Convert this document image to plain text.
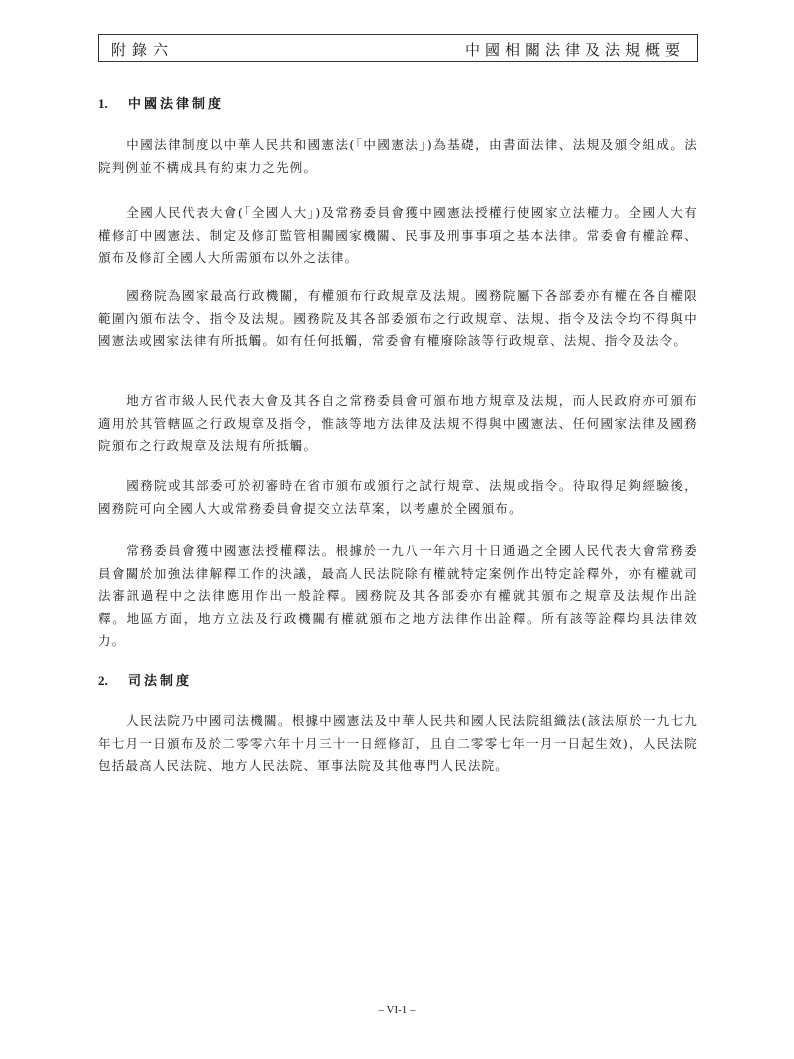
附錄六	中國相關法律及法規概要
1. 中國法律制度

中國法律制度以中華人民共和國憲法(「中國憲法」)為基礎，由書面法律、法規及頒令組成。法院判例並不構成具有約束力之先例。

全國人民代表大會(「全國人大」)及常務委員會獲中國憲法授權行使國家立法權力。全國人大有權修訂中國憲法、制定及修訂監管相關國家機關、民事及刑事事項之基本法律。常委會有權詮釋、頒布及修訂全國人大所需頒布以外之法律。

國務院為國家最高行政機關，有權頒布行政規章及法規。國務院屬下各部委亦有權在各自權限範圍內頒布法令、指令及法規。國務院及其各部委頒布之行政規章、法規、指令及法令均不得與中國憲法或國家法律有所抵觸。如有任何抵觸，常委會有權廢除該等行政規章、法規、指令及法令。

地方省市級人民代表大會及其各自之常務委員會可頒布地方規章及法規，而人民政府亦可頒布適用於其管轄區之行政規章及指令，惟該等地方法律及法規不得與中國憲法、任何國家法律及國務院頒布之行政規章及法規有所抵觸。

國務院或其部委可於初審時在省市頒布或頒行之試行規章、法規或指令。待取得足夠經驗後，國務院可向全國人大或常務委員會提交立法草案，以考慮於全國頒布。

常務委員會獲中國憲法授權釋法。根據於一九八一年六月十日通過之全國人民代表大會常務委員會關於加強法律解釋工作的決議，最高人民法院除有權就特定案例作出特定詮釋外，亦有權就司法審訊過程中之法律應用作出一般詮釋。國務院及其各部委亦有權就其頒布之規章及法規作出詮釋。地區方面，地方立法及行政機關有權就頒布之地方法律作出詮釋。所有該等詮釋均具法律效力。

2. 司法制度

人民法院乃中國司法機關。根據中國憲法及中華人民共和國人民法院組織法(該法原於一九七九年七月一日頒布及於二零零六年十月三十一日經修訂，且自二零零七年一月一日起生效)，人民法院包括最高人民法院、地方人民法院、軍事法院及其他專門人民法院。

– VI-1 –
